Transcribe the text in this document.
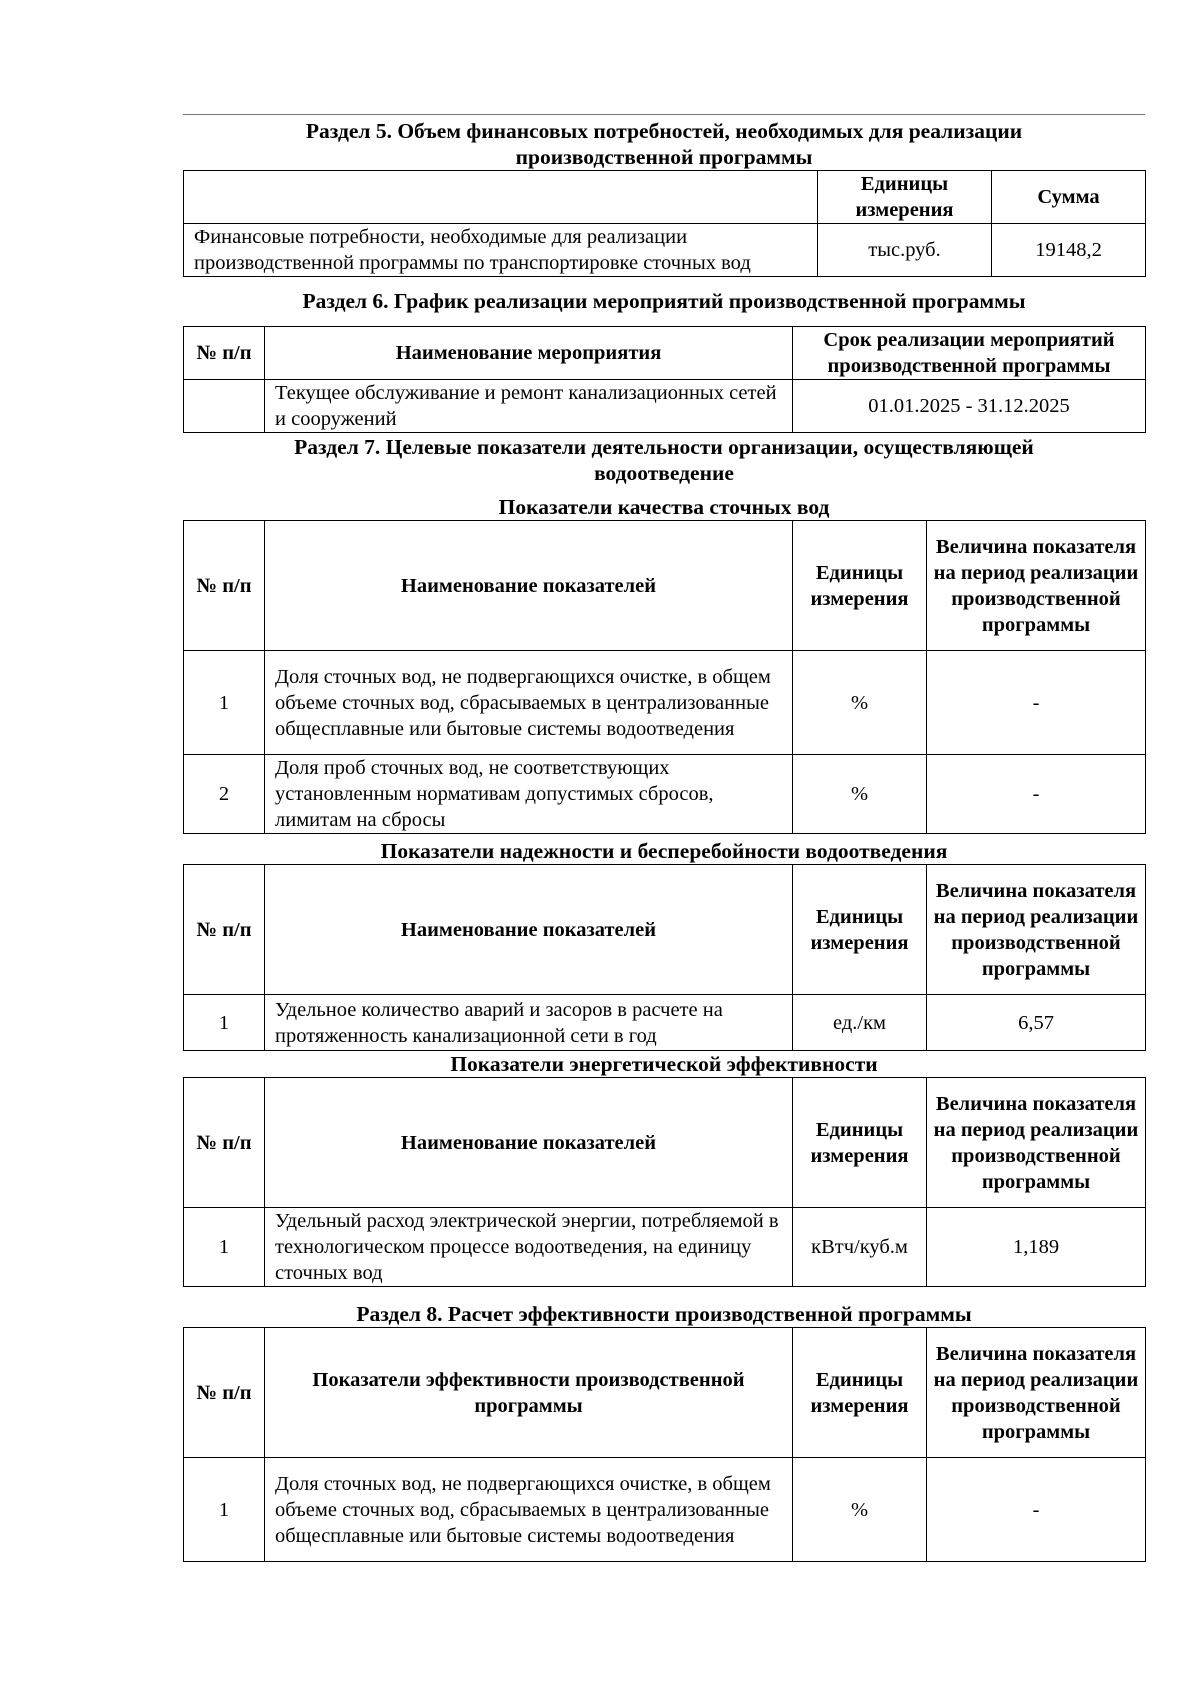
Раздел 5. Объем финансовых потребностей, необходимых для реализации производственной программы
	Единицы измерения	Сумма
Финансовые потребности, необходимые для реализации производственной программы по транспортировке сточных вод	тыс.руб.	19148,2
Раздел 6. График реализации мероприятий производственной программы
№ п/п	Наименование мероприятия	Срок реализации мероприятий производственной программы
	Текущее обслуживание и ремонт канализационных сетей и сооружений	01.01.2025 - 31.12.2025
Раздел 7. Целевые показатели деятельности организации, осуществляющей водоотведение
Показатели качества сточных вод
№ п/п	Наименование показателей	Единицы измерения	Величина показателя на период реализации производственной программы
1	Доля сточных вод, не подвергающихся очистке, в общем объеме сточных вод, сбрасываемых в централизованные общесплавные или бытовые системы водоотведения	%	-
2	Доля проб сточных вод, не соответствующих установленным нормативам допустимых сбросов, лимитам на сбросы	%	-
Показатели надежности и бесперебойности водоотведения
№ п/п	Наименование показателей	Единицы измерения	Величина показателя на период реализации производственной программы
1	Удельное количество аварий и засоров в расчете на протяженность канализационной сети в год	ед./км	6,57
Показатели энергетической эффективности
№ п/п	Наименование показателей	Единицы измерения	Величина показателя на период реализации производственной программы
1	Удельный расход электрической энергии, потребляемой в технологическом процессе водоотведения, на единицу сточных вод	кВтч/куб.м	1,189
Раздел 8. Расчет эффективности производственной программы
№ п/п	Показатели эффективности производственной программы	Единицы измерения	Величина показателя на период реализации производственной программы
1	Доля сточных вод, не подвергающихся очистке, в общем объеме сточных вод, сбрасываемых в централизованные общесплавные или бытовые системы водоотведения	%	-
